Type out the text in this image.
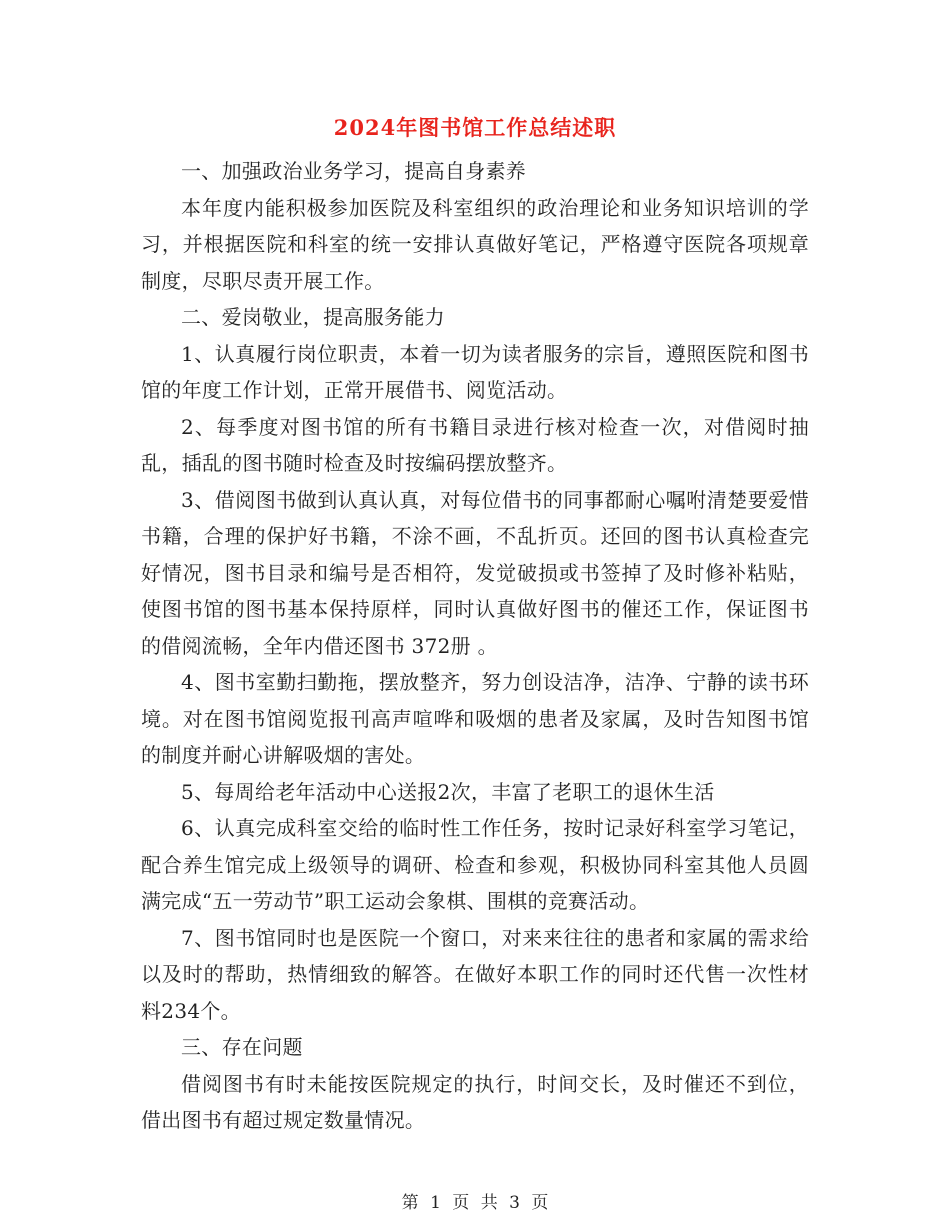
2024年图书馆工作总结述职

一、加强政治业务学习，提高自身素养

本年度内能积极参加医院及科室组织的政治理论和业务知识培训的学习，并根据医院和科室的统一安排认真做好笔记，严格遵守医院各项规章制度，尽职尽责开展工作。

二、爱岗敬业，提高服务能力

1、认真履行岗位职责，本着一切为读者服务的宗旨，遵照医院和图书馆的年度工作计划，正常开展借书、阅览活动。

2、每季度对图书馆的所有书籍目录进行核对检查一次，对借阅时抽乱，插乱的图书随时检查及时按编码摆放整齐。

3、借阅图书做到认真认真，对每位借书的同事都耐心嘱咐清楚要爱惜书籍，合理的保护好书籍，不涂不画，不乱折页。还回的图书认真检查完好情况，图书目录和编号是否相符，发觉破损或书签掉了及时修补粘贴，使图书馆的图书基本保持原样，同时认真做好图书的催还工作，保证图书的借阅流畅，全年内借还图书 372册 。

4、图书室勤扫勤拖，摆放整齐，努力创设洁净，洁净、宁静的读书环境。对在图书馆阅览报刊高声喧哗和吸烟的患者及家属，及时告知图书馆的制度并耐心讲解吸烟的害处。

5、每周给老年活动中心送报2次，丰富了老职工的退休生活

6、认真完成科室交给的临时性工作任务，按时记录好科室学习笔记，配合养生馆完成上级领导的调研、检查和参观，积极协同科室其他人员圆满完成“五一劳动节”职工运动会象棋、围棋的竞赛活动。

7、图书馆同时也是医院一个窗口，对来来往往的患者和家属的需求给以及时的帮助，热情细致的解答。在做好本职工作的同时还代售一次性材料234个。

三、存在问题

借阅图书有时未能按医院规定的执行，时间交长，及时催还不到位，借出图书有超过规定数量情况。

第 1 页 共 3 页
